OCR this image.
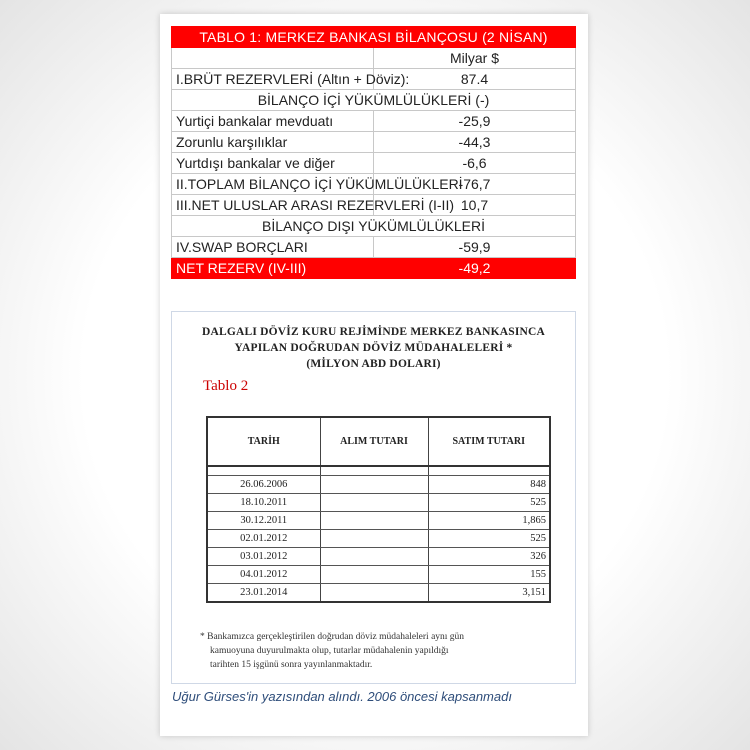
TABLO 1: MERKEZ BANKASI BİLANÇOSU (2 NİSAN)	
	Milyar $
I.BRÜT REZERVLERİ (Altın + Döviz):	87.4
BİLANÇO İÇİ YÜKÜMLÜLÜKLERİ (-)	
Yurtiçi bankalar mevduatı	-25,9
Zorunlu karşılıklar	-44,3
Yurtdışı bankalar ve diğer	-6,6
II.TOPLAM BİLANÇO İÇİ YÜKÜMLÜLÜKLERİ	-76,7
III.NET ULUSLAR ARASI REZERVLERİ (I-II)	10,7
BİLANÇO DIŞI YÜKÜMLÜLÜKLERİ	
IV.SWAP BORÇLARI	-59,9
NET REZERV (IV-III)	-49,2
DALGALI DÖVİZ KURU REJİMİNDE MERKEZ BANKASINCA
YAPILAN DOĞRUDAN DÖVİZ MÜDAHALELERİ *
(MİLYON ABD DOLARI)
Tablo 2
TARİH	ALIM TUTARI	SATIM TUTARI

26.06.2006		848
18.10.2011		525
30.12.2011		1,865
02.01.2012		525
03.01.2012		326
04.01.2012		155
23.01.2014		3,151
* Bankamızca gerçekleştirilen doğrudan döviz müdahaleleri aynı gün
kamuoyuna duyurulmakta olup, tutarlar müdahalenin yapıldığı
tarihten 15 işgünü sonra yayınlanmaktadır.
Uğur Gürses'in yazısından alındı. 2006 öncesi kapsanmadı
